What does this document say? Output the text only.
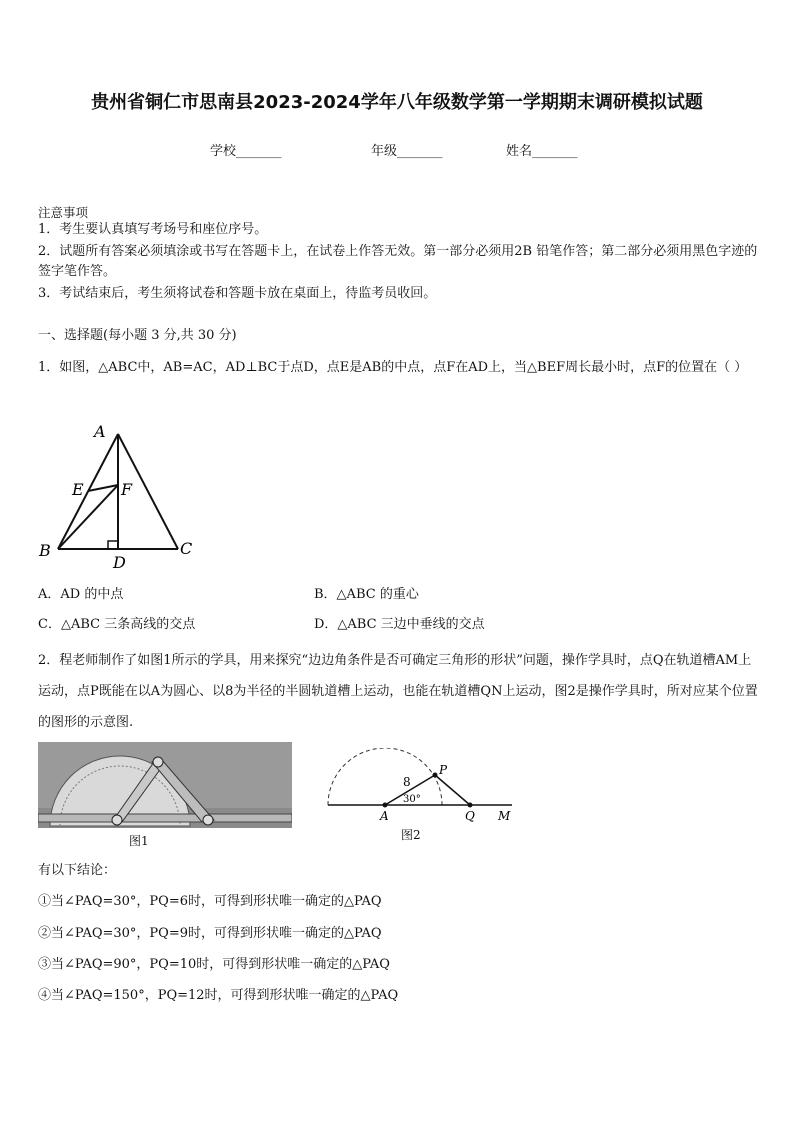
贵州省铜仁市思南县2023-2024学年八年级数学第一学期期末调研模拟试题
学校_______	年级_______	姓名_______
注意事项
1．考生要认真填写考场号和座位序号。
2．试题所有答案必须填涂或书写在答题卡上，在试卷上作答无效。第一部分必须用2B 铅笔作答；第二部分必须用黑色字迹的签字笔作答。
3．考试结束后，考生须将试卷和答题卡放在桌面上，待监考员收回。
一、选择题(每小题 3 分,共 30 分)
1．如图，△ABC中，AB=AC，AD⊥BC于点D，点E是AB的中点，点F在AD上，当△BEF周长最小时，点F的位置在（ ）
A
E F
B	C
D
A．AD 的中点	B．△ABC 的重心
C．△ABC 三条高线的交点	D．△ABC 三边中垂线的交点
2．程老师制作了如图1所示的学具，用来探究“边边角条件是否可确定三角形的形状”问题，操作学具时，点Q在轨道槽AM上运动，点P既能在以A为圆心、以8为半径的半圆轨道槽上运动，也能在轨道槽QN上运动，图2是操作学具时，所对应某个位置的图形的示意图.
图1
8
30°
P
A	Q M
图2
有以下结论：
①当∠PAQ=30°，PQ=6时，可得到形状唯一确定的△PAQ
②当∠PAQ=30°，PQ=9时，可得到形状唯一确定的△PAQ
③当∠PAQ=90°，PQ=10时，可得到形状唯一确定的△PAQ
④当∠PAQ=150°，PQ=12时，可得到形状唯一确定的△PAQ
